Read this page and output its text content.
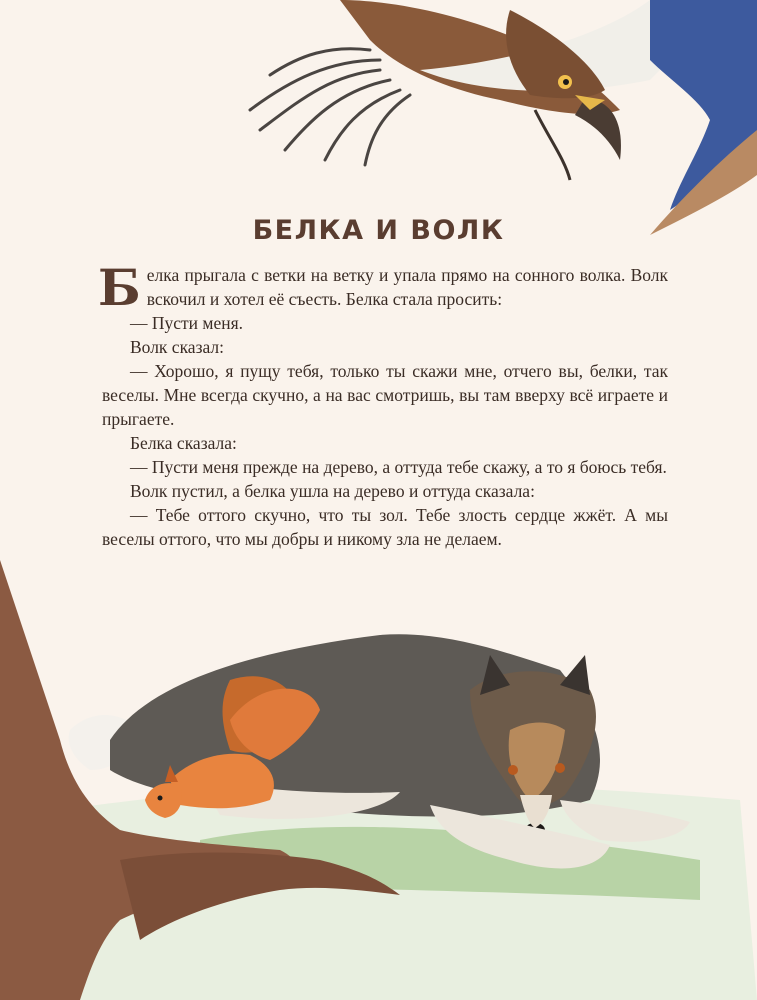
БЕЛКА И ВОЛК

Белка прыгала с ветки на ветку и упала прямо на сонного волка. Волк вскочил и хотел её съесть. Белка стала просить:

— Пусти меня.

Волк сказал:

— Хорошо, я пущу тебя, только ты скажи мне, отчего вы, белки, так веселы. Мне всегда скучно, а на вас смотришь, вы там вверху всё играете и прыгаете.

Белка сказала:

— Пусти меня прежде на дерево, а оттуда тебе скажу, а то я боюсь тебя.

Волк пустил, а белка ушла на дерево и оттуда сказала:

— Тебе оттого скучно, что ты зол. Тебе злость сердце жжёт. А мы веселы оттого, что мы добры и никому зла не делаем.
